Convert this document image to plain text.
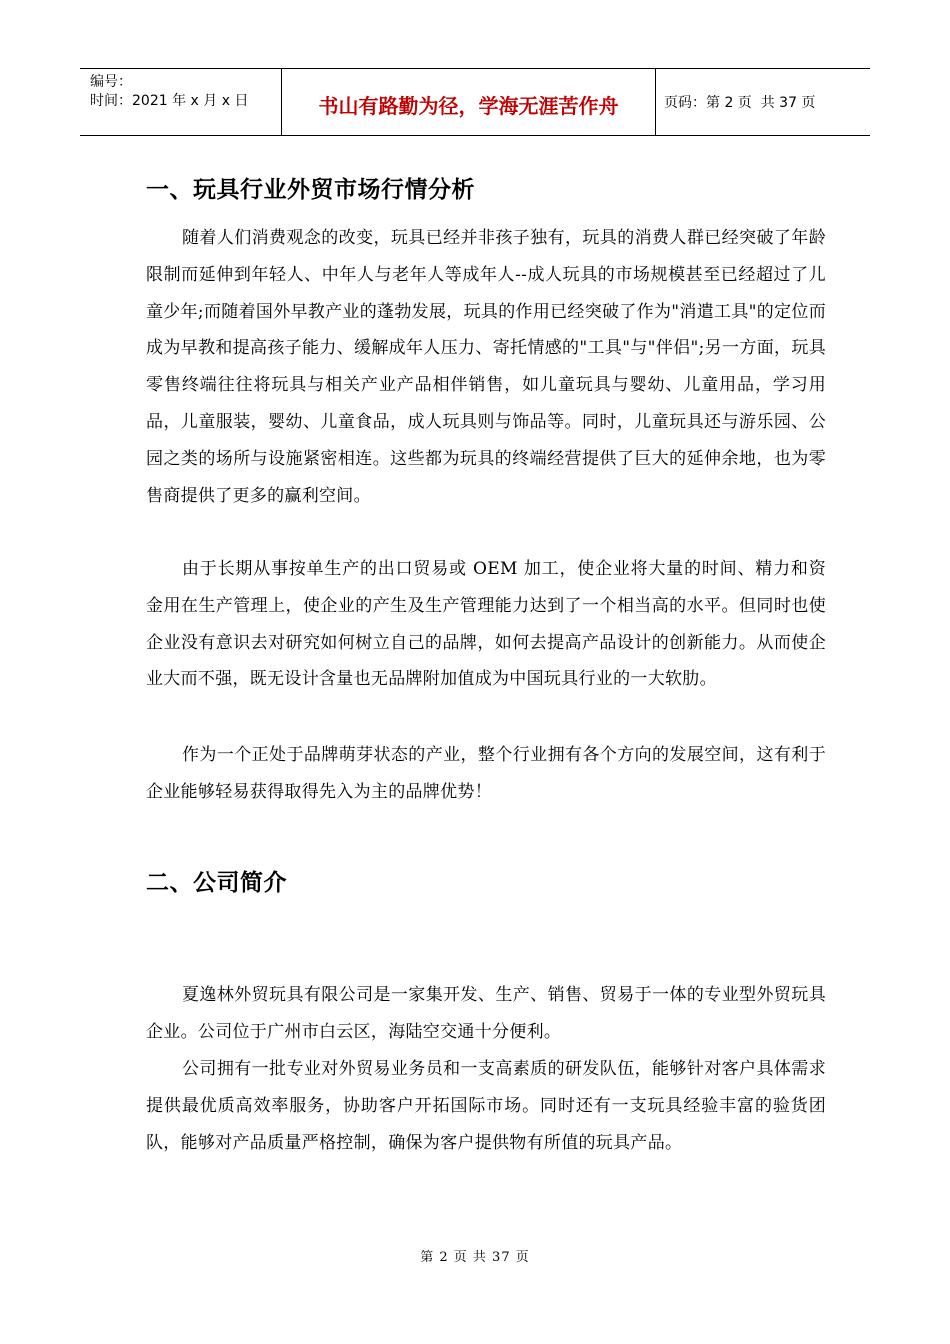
编号：
时间：2021 年 x 月 x 日	书山有路勤为径，学海无涯苦作舟	页码：第 2 页  共 37 页
一、玩具行业外贸市场行情分析

随着人们消费观念的改变，玩具已经并非孩子独有，玩具的消费人群已经突破了年龄限制而延伸到年轻人、中年人与老年人等成年人--成人玩具的市场规模甚至已经超过了儿童少年;而随着国外早教产业的蓬勃发展，玩具的作用已经突破了作为"消遣工具"的定位而成为早教和提高孩子能力、缓解成年人压力、寄托情感的"工具"与"伴侣";另一方面，玩具零售终端往往将玩具与相关产业产品相伴销售，如儿童玩具与婴幼、儿童用品，学习用品，儿童服装，婴幼、儿童食品，成人玩具则与饰品等。同时，儿童玩具还与游乐园、公园之类的场所与设施紧密相连。这些都为玩具的终端经营提供了巨大的延伸余地，也为零售商提供了更多的赢利空间。

由于长期从事按单生产的出口贸易或 OEM 加工，使企业将大量的时间、精力和资金用在生产管理上，使企业的产生及生产管理能力达到了一个相当高的水平。但同时也使企业没有意识去对研究如何树立自己的品牌，如何去提高产品设计的创新能力。从而使企业大而不强，既无设计含量也无品牌附加值成为中国玩具行业的一大软肋。

作为一个正处于品牌萌芽状态的产业，整个行业拥有各个方向的发展空间，这有利于企业能够轻易获得取得先入为主的品牌优势！

二、公司简介

夏逸林外贸玩具有限公司是一家集开发、生产、销售、贸易于一体的专业型外贸玩具企业。公司位于广州市白云区，海陆空交通十分便利。

公司拥有一批专业对外贸易业务员和一支高素质的研发队伍，能够针对客户具体需求提供最优质高效率服务，协助客户开拓国际市场。同时还有一支玩具经验丰富的验货团队，能够对产品质量严格控制，确保为客户提供物有所值的玩具产品。

第 2 页 共 37 页
